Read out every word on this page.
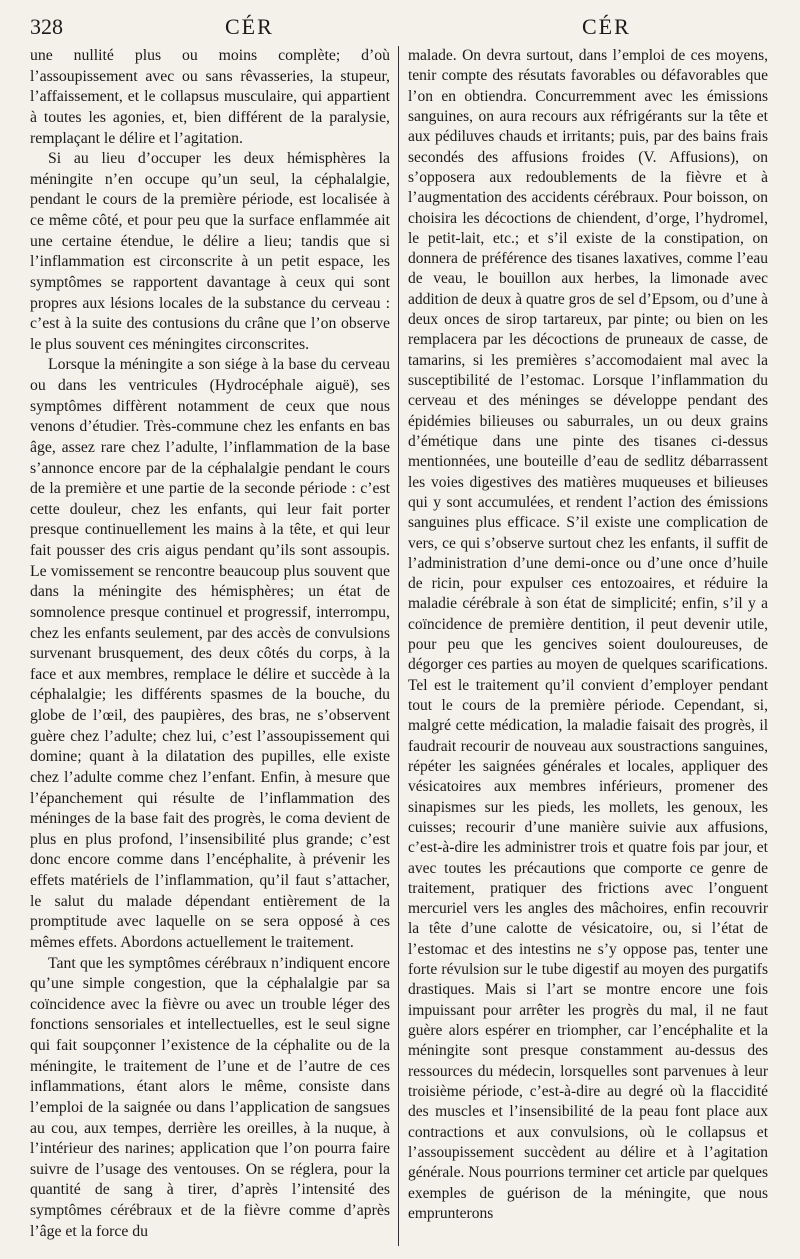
328	CÉR	CÉR

une nullité plus ou moins complète; d’où l’assoupissement avec ou sans rêvasseries, la stupeur, l’affaissement, et le collapsus musculaire, qui appartient à toutes les agonies, et, bien différent de la paralysie, remplaçant le délire et l’agitation.

Si au lieu d’occuper les deux hémisphères la méningite n’en occupe qu’un seul, la céphalalgie, pendant le cours de la première période, est localisée à ce même côté, et pour peu que la surface enflammée ait une certaine étendue, le délire a lieu; tandis que si l’inflammation est circonscrite à un petit espace, les symptômes se rapportent davantage à ceux qui sont propres aux lésions locales de la substance du cerveau : c’est à la suite des contusions du crâne que l’on observe le plus souvent ces méningites circonscrites.

Lorsque la méningite a son siége à la base du cerveau ou dans les ventricules (Hydrocéphale aiguë), ses symptômes diffèrent notamment de ceux que nous venons d’étudier. Très-commune chez les enfants en bas âge, assez rare chez l’adulte, l’inflammation de la base s’annonce encore par de la céphalalgie pendant le cours de la première et une partie de la seconde période : c’est cette douleur, chez les enfants, qui leur fait porter presque continuellement les mains à la tête, et qui leur fait pousser des cris aigus pendant qu’ils sont assoupis. Le vomissement se rencontre beaucoup plus souvent que dans la méningite des hémisphères; un état de somnolence presque continuel et progressif, interrompu, chez les enfants seulement, par des accès de convulsions survenant brusquement, des deux côtés du corps, à la face et aux membres, remplace le délire et succède à la céphalalgie; les différents spasmes de la bouche, du globe de l’œil, des paupières, des bras, ne s’observent guère chez l’adulte; chez lui, c’est l’assoupissement qui domine; quant à la dilatation des pupilles, elle existe chez l’adulte comme chez l’enfant. Enfin, à mesure que l’épanchement qui résulte de l’inflammation des méninges de la base fait des progrès, le coma devient de plus en plus profond, l’insensibilité plus grande; c’est donc encore comme dans l’encéphalite, à prévenir les effets matériels de l’inflammation, qu’il faut s’attacher, le salut du malade dépendant entièrement de la promptitude avec laquelle on se sera opposé à ces mêmes effets. Abordons actuellement le traitement.

Tant que les symptômes cérébraux n’indiquent encore qu’une simple congestion, que la céphalalgie par sa coïncidence avec la fièvre ou avec un trouble léger des fonctions sensoriales et intellectuelles, est le seul signe qui fait soupçonner l’existence de la céphalite ou de la méningite, le traitement de l’une et de l’autre de ces inflammations, étant alors le même, consiste dans l’emploi de la saignée ou dans l’application de sangsues au cou, aux tempes, derrière les oreilles, à la nuque, à l’intérieur des narines; application que l’on pourra faire suivre de l’usage des ventouses. On se réglera, pour la quantité de sang à tirer, d’après l’intensité des symptômes cérébraux et de la fièvre comme d’après l’âge et la force du

malade. On devra surtout, dans l’emploi de ces moyens, tenir compte des résutats favorables ou défavorables que l’on en obtiendra. Concurremment avec les émissions sanguines, on aura recours aux réfrigérants sur la tête et aux pédiluves chauds et irritants; puis, par des bains frais secondés des affusions froides (V. Affusions), on s’opposera aux redoublements de la fièvre et à l’augmentation des accidents cérébraux. Pour boisson, on choisira les décoctions de chiendent, d’orge, l’hydromel, le petit-lait, etc.; et s’il existe de la constipation, on donnera de préférence des tisanes laxatives, comme l’eau de veau, le bouillon aux herbes, la limonade avec addition de deux à quatre gros de sel d’Epsom, ou d’une à deux onces de sirop tartareux, par pinte; ou bien on les remplacera par les décoctions de pruneaux de casse, de tamarins, si les premières s’accomodaient mal avec la susceptibilité de l’estomac. Lorsque l’inflammation du cerveau et des méninges se développe pendant des épidémies bilieuses ou saburrales, un ou deux grains d’émétique dans une pinte des tisanes ci-dessus mentionnées, une bouteille d’eau de sedlitz débarrassent les voies digestives des matières muqueuses et bilieuses qui y sont accumulées, et rendent l’action des émissions sanguines plus efficace. S’il existe une complication de vers, ce qui s’observe surtout chez les enfants, il suffit de l’administration d’une demi-once ou d’une once d’huile de ricin, pour expulser ces entozoaires, et réduire la maladie cérébrale à son état de simplicité; enfin, s’il y a coïncidence de première dentition, il peut devenir utile, pour peu que les gencives soient douloureuses, de dégorger ces parties au moyen de quelques scarifications. Tel est le traitement qu’il convient d’employer pendant tout le cours de la première période. Cependant, si, malgré cette médication, la maladie faisait des progrès, il faudrait recourir de nouveau aux soustractions sanguines, répéter les saignées générales et locales, appliquer des vésicatoires aux membres inférieurs, promener des sinapismes sur les pieds, les mollets, les genoux, les cuisses; recourir d’une manière suivie aux affusions, c’est-à-dire les administrer trois et quatre fois par jour, et avec toutes les précautions que comporte ce genre de traitement, pratiquer des frictions avec l’onguent mercuriel vers les angles des mâchoires, enfin recouvrir la tête d’une calotte de vésicatoire, ou, si l’état de l’estomac et des intestins ne s’y oppose pas, tenter une forte révulsion sur le tube digestif au moyen des purgatifs drastiques. Mais si l’art se montre encore une fois impuissant pour arrêter les progrès du mal, il ne faut guère alors espérer en triompher, car l’encéphalite et la méningite sont presque constamment au-dessus des ressources du médecin, lorsquelles sont parvenues à leur troisième période, c’est-à-dire au degré où la flaccidité des muscles et l’insensibilité de la peau font place aux contractions et aux convulsions, où le collapsus et l’assoupissement succèdent au délire et à l’agitation générale. Nous pourrions terminer cet article par quelques exemples de guérison de la méningite, que nous emprunterons
